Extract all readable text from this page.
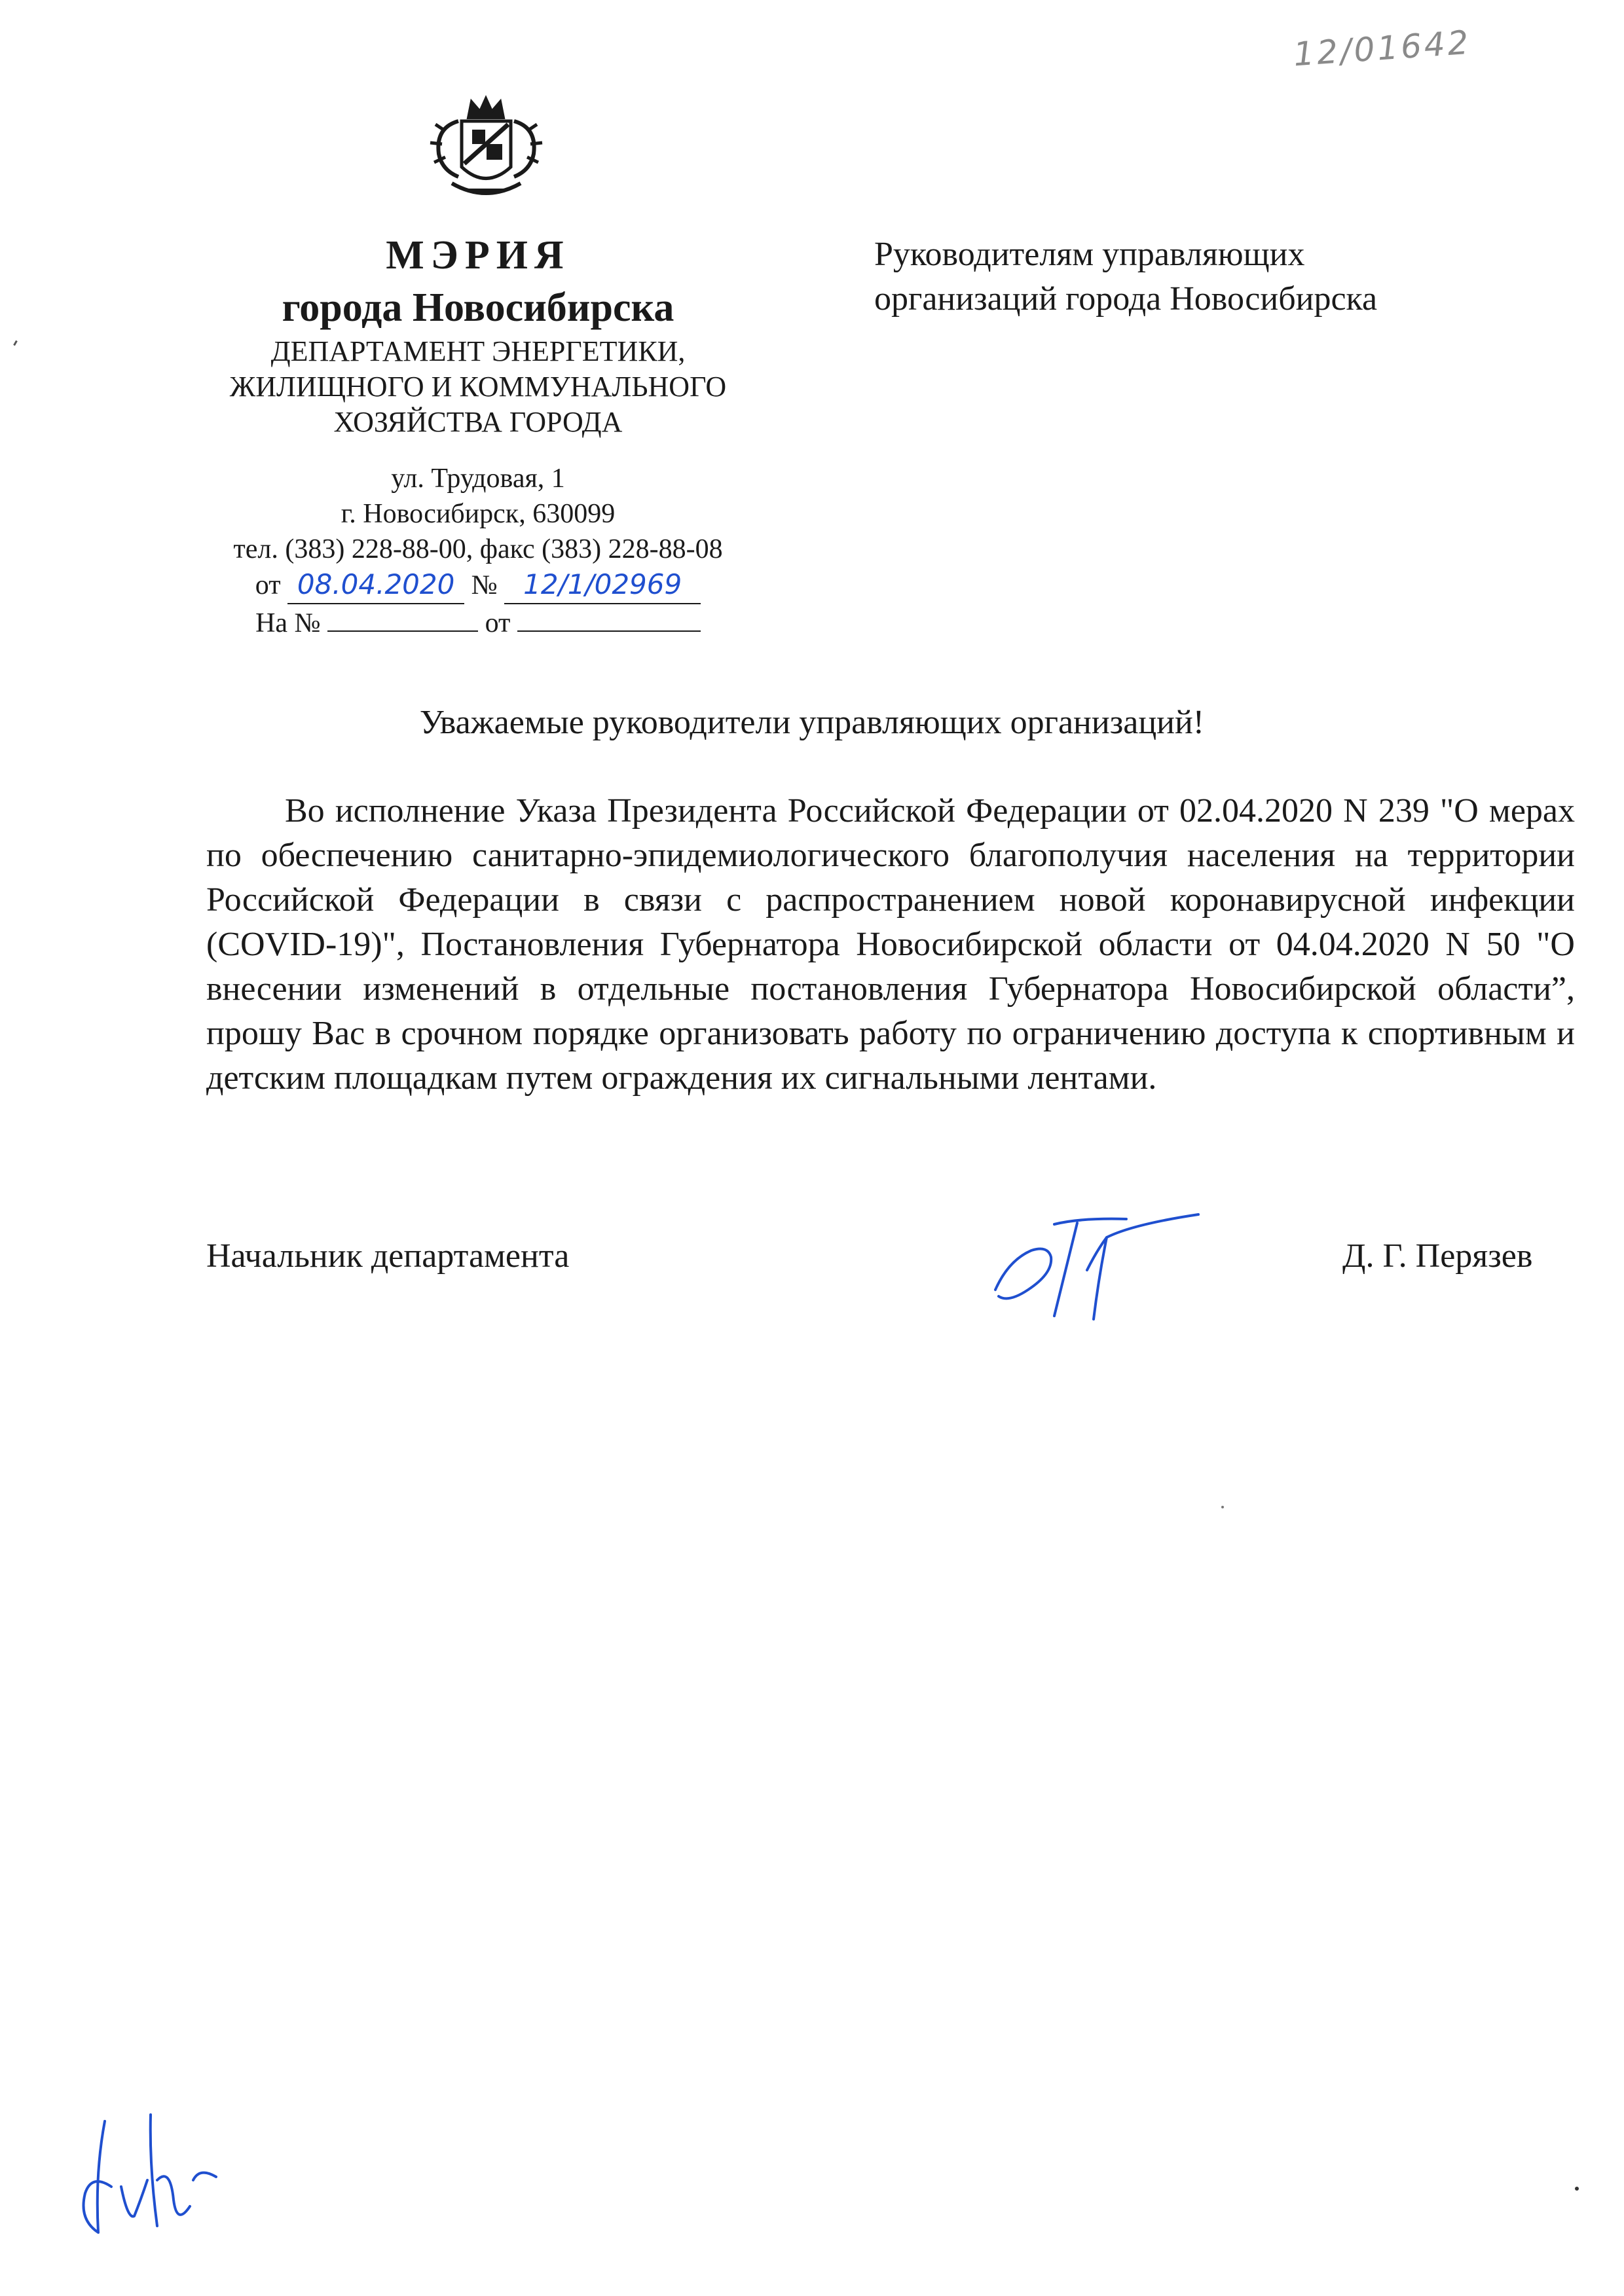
12/01642
МЭРИЯ
города Новосибирска
ДЕПАРТАМЕНТ ЭНЕРГЕТИКИ,
ЖИЛИЩНОГО И КОММУНАЛЬНОГО
ХОЗЯЙСТВА ГОРОДА
ул. Трудовая, 1
г. Новосибирск, 630099
тел. (383) 228-88-00, факс (383) 228-88-08
от 08.04.2020 № 12/1/02969
На №	от
Руководителям управляющих
организаций города Новосибирска
Уважаемые руководители управляющих организаций!
Во исполнение Указа Президента Российской Федерации от 02.04.2020 N 239 "О мерах по обеспечению санитарно-эпидемиологического благополучия населения на территории Российской Федерации в связи с распространением новой коронавирусной инфекции (COVID-19)", Постановления Губернатора Новосибирской области от 04.04.2020 N 50 "О внесении изменений в отдельные постановления Губернатора Новосибирской области”, прошу Вас в срочном порядке организовать работу по ограничению доступа к спортивным и детским площадкам путем ограждения их сигнальными лентами.
Начальник департамента	Д. Г. Перязев
